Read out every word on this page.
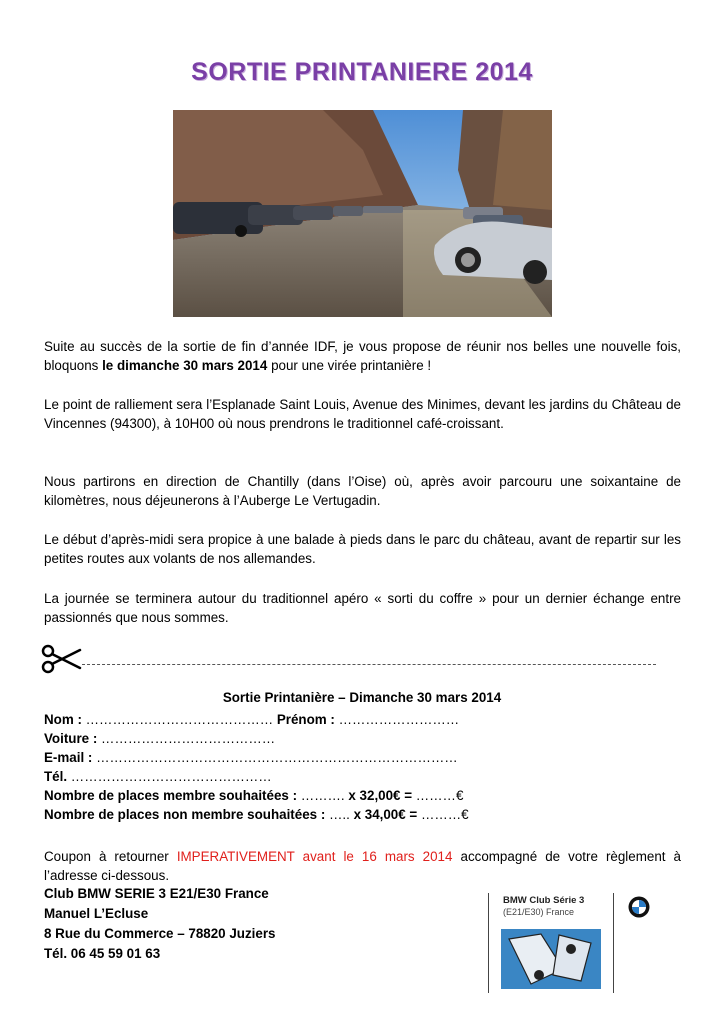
SORTIE PRINTANIERE 2014
Suite au succès de la sortie de fin d’année IDF, je vous propose de réunir nos belles une nouvelle fois, bloquons le dimanche 30 mars 2014 pour une virée printanière !
Le point de ralliement sera l’Esplanade Saint Louis, Avenue des Minimes, devant les jardins du Château de Vincennes (94300), à 10H00 où nous prendrons le traditionnel café-croissant.
Nous partirons en direction de Chantilly (dans l’Oise) où, après avoir parcouru une soixantaine de kilomètres, nous déjeunerons à l’Auberge Le Vertugadin.
Le début d’après-midi sera propice à une balade à pieds dans le parc du château, avant de repartir sur les petites routes aux volants de nos allemandes.
La journée se terminera autour du traditionnel apéro « sorti du coffre » pour un dernier échange entre passionnés que nous sommes.
Sortie Printanière – Dimanche 30 mars 2014
Nom : …………………………………… Prénom : ………………………
Voiture : …………………………………
E-mail : ………………………………………………………………………
Tél. ………………………………………
Nombre de places membre souhaitées : ………. x 32,00€ = ………€
Nombre de places non membre souhaitées : ….. x 34,00€ = ………€
Coupon à retourner IMPERATIVEMENT avant le 16 mars 2014 accompagné de votre règlement à l’adresse ci-dessous.
Club BMW SERIE 3 E21/E30 France
Manuel L’Ecluse
8 Rue du Commerce – 78820 Juziers
Tél. 06 45 59 01 63
BMW Club Série 3
(E21/E30) France
